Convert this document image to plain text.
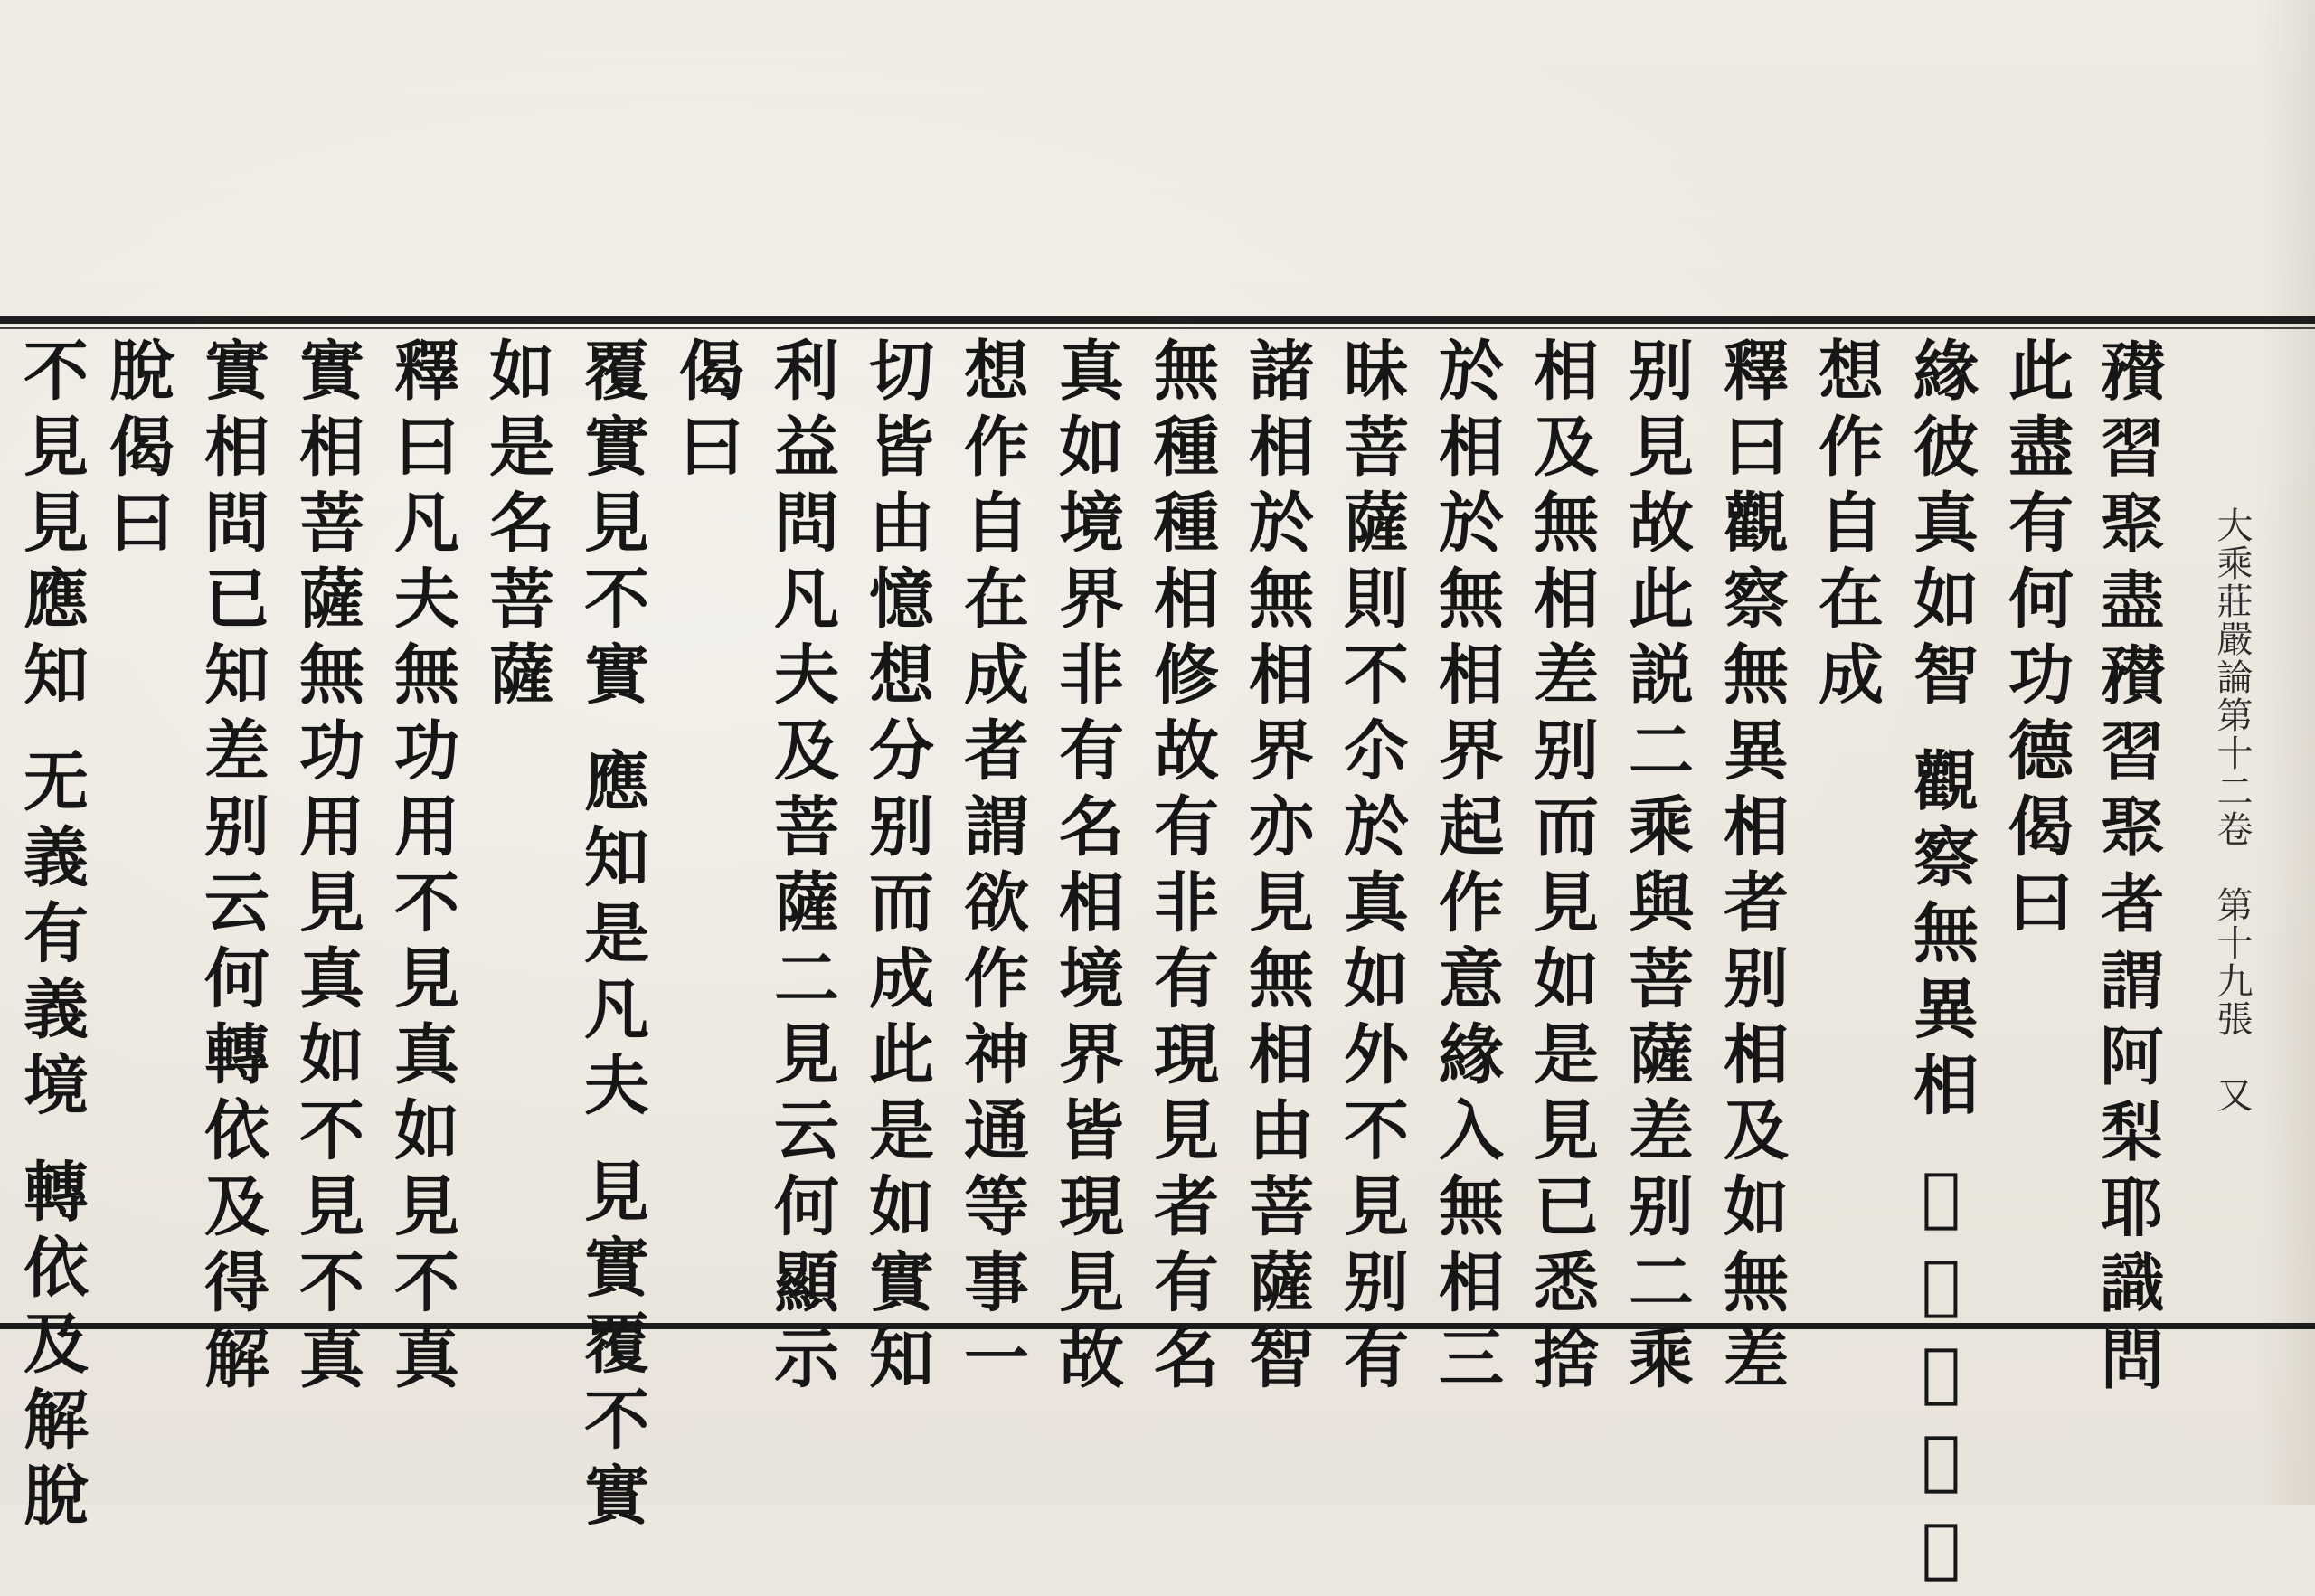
大乘莊嚴論第十二卷　第十九張　又
𥎞習聚盡𥎞習聚者謂阿梨耶識問
此盡有何功德偈曰
緣彼真如智觀察無異相𠋣非有現見
想作自在成
釋曰觀察無異相者别相及如無差
别見故此説二乘與菩薩差别二乘
相及無相差别而見如是見已悉捨
於相於無相界起作意緣入無相三
昧菩薩則不尒於真如外不見别有
諸相於無相界亦見無相由菩薩智
無種種相修故有非有現見者有名
真如境界非有名相境界皆現見故
想作自在成者謂欲作神通等事一
切皆由憶想分别而成此是如實知
利益問凡夫及菩薩二見云何顯示
偈曰
覆實見不實應知是凡夫見實覆不實
如是名菩薩
釋曰凡夫無功用不見真如見不真
實相菩薩無功用見真如不見不真
實相問已知差别云何轉依及得解
脫偈曰
不見見應知无義有義境轉依及解脫
